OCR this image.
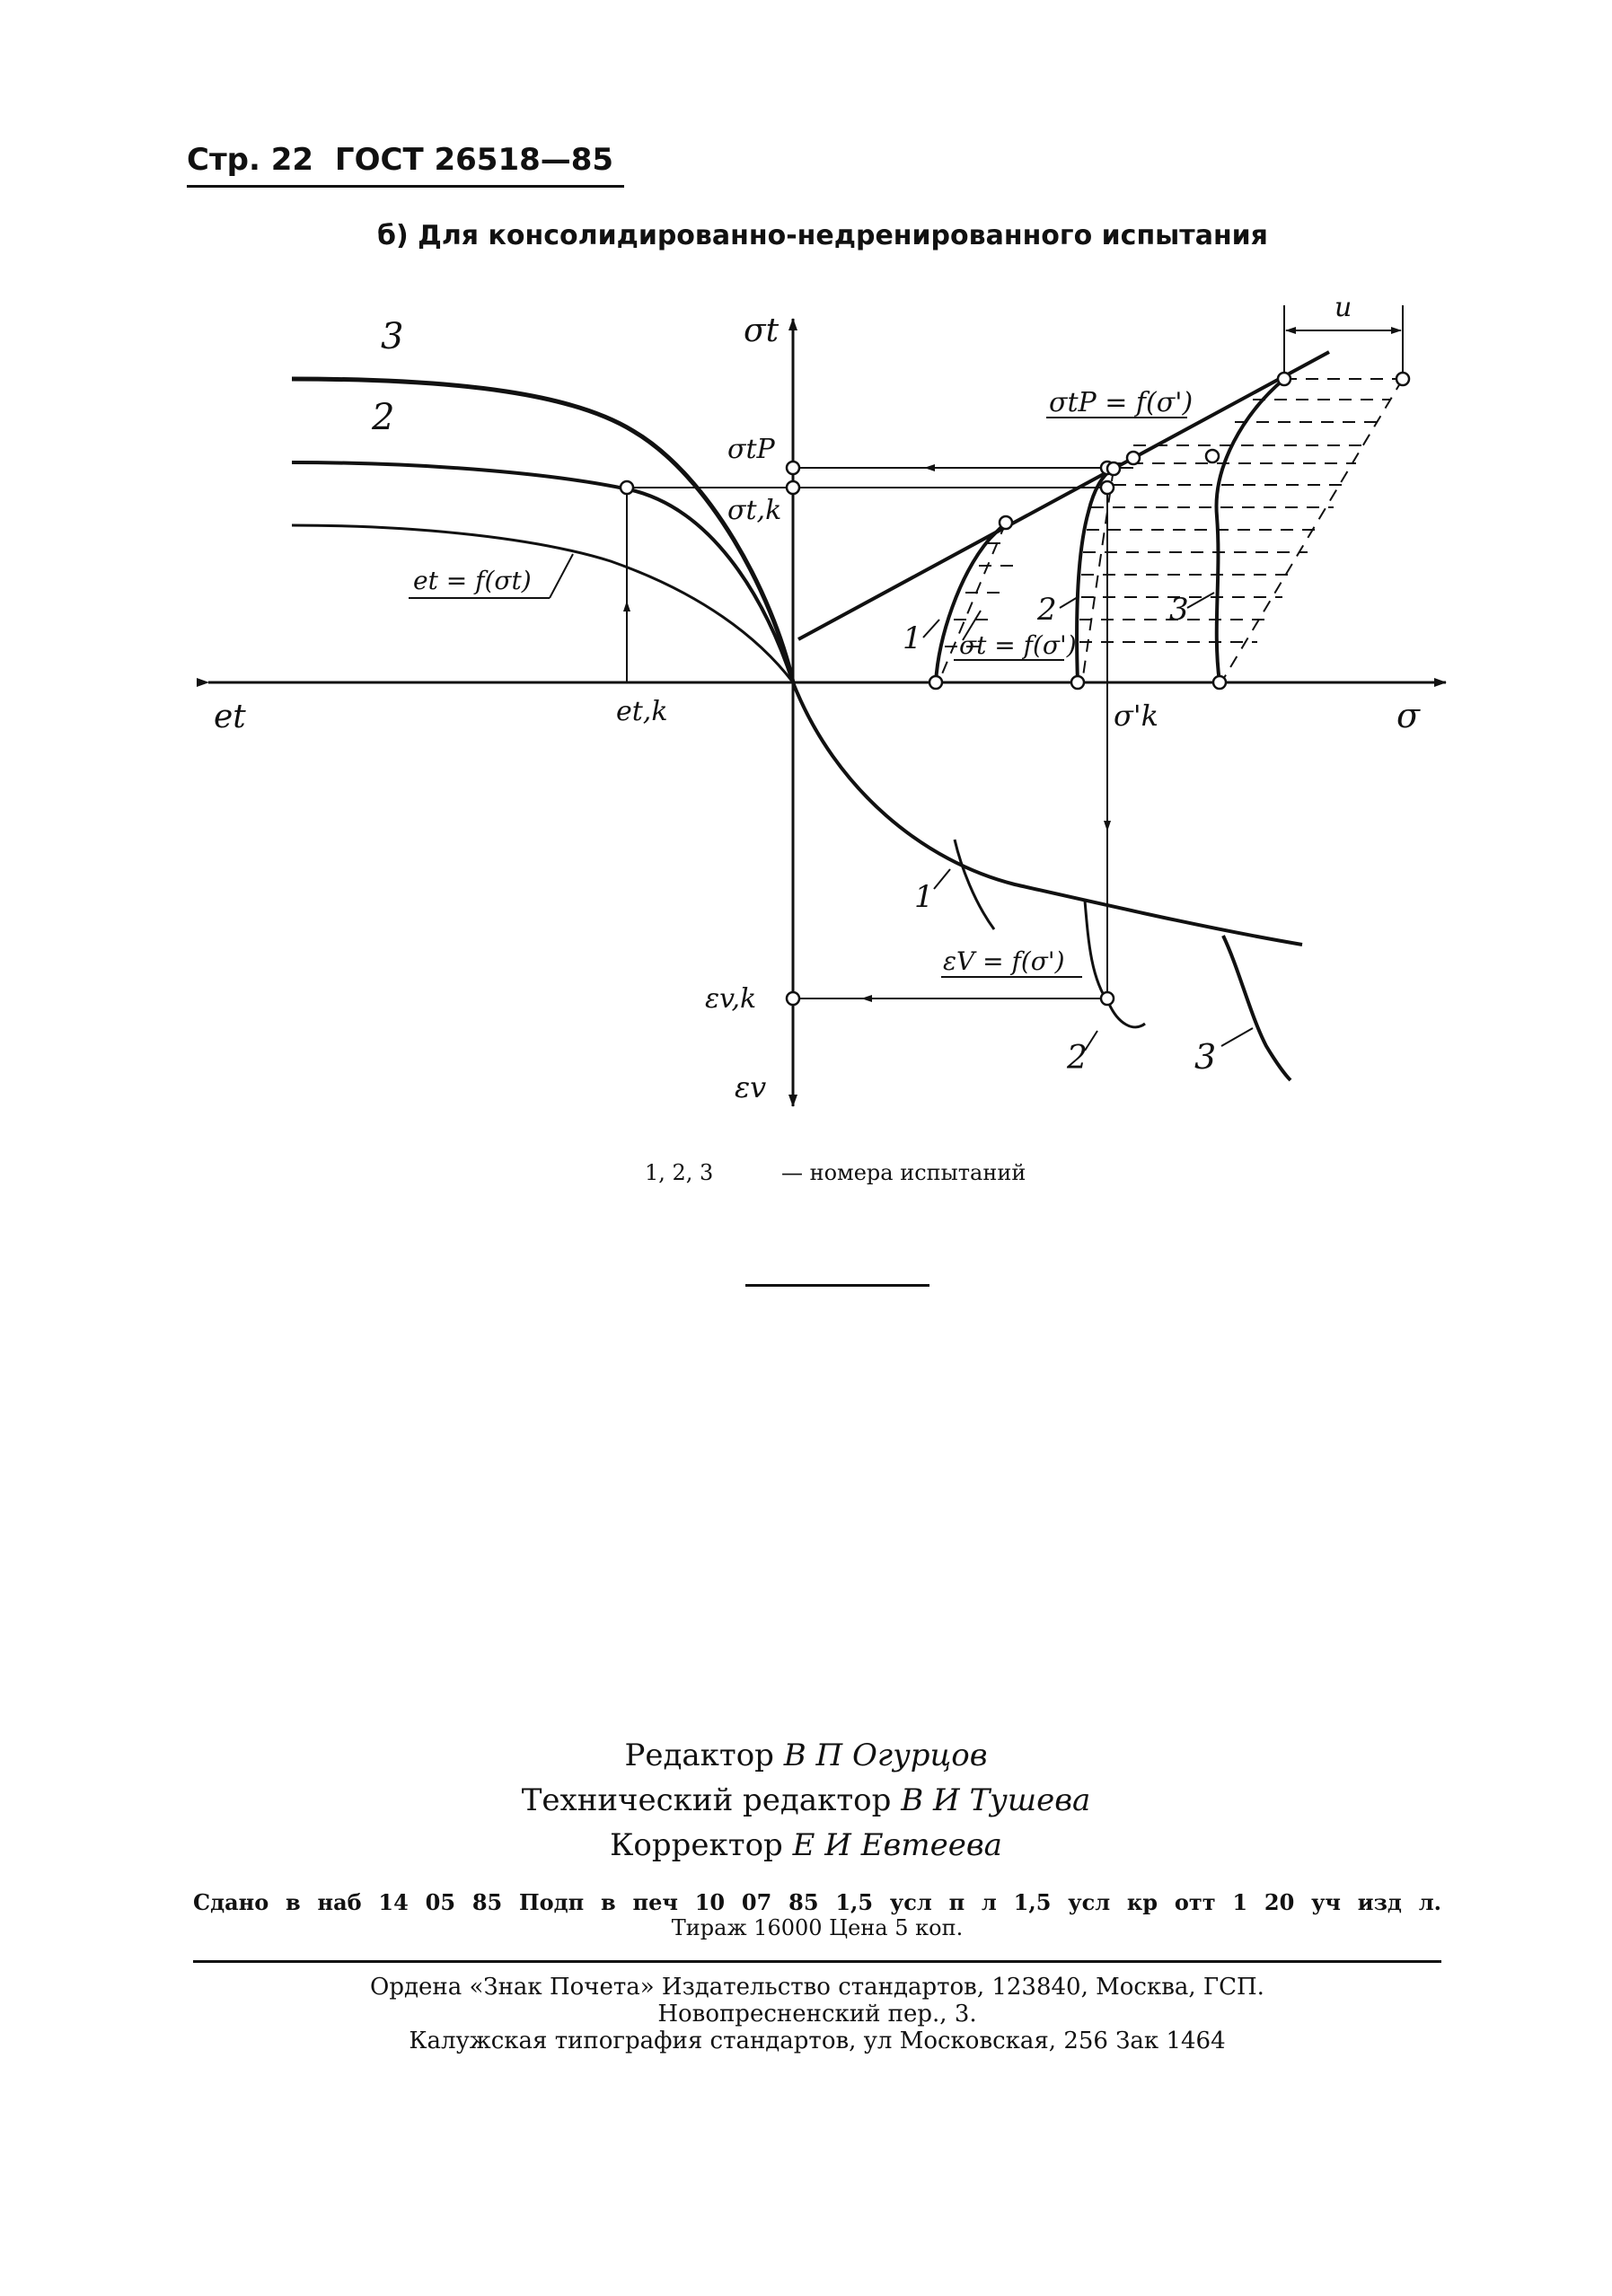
Стр. 22 ГОСТ 26518—85
б) Для консолидированно-недренированного испытания
σt
et	σ
εv
σtP
σt,k
et,k	σ'k
εv,k
u
σtP = f(σ')
et = f(σt)
σt = f(σ')
εV = f(σ')
3
2
1
2	3
1
2	3
1, 2, 3	— номера испытаний
Редактор В П Огурцов
Технический редактор В И Тушева
Корректор Е И Евтеева
Сдано в наб 14 05 85 Подп в печ 10 07 85 1,5 усл п л 1,5 усл кр отт 1 20 уч изд л.
Тираж 16000 Цена 5 коп.
Ордена «Знак Почета» Издательство стандартов, 123840, Москва, ГСП.
Новопресненский пер., 3.
Калужская типография стандартов, ул Московская, 256 Зак 1464
